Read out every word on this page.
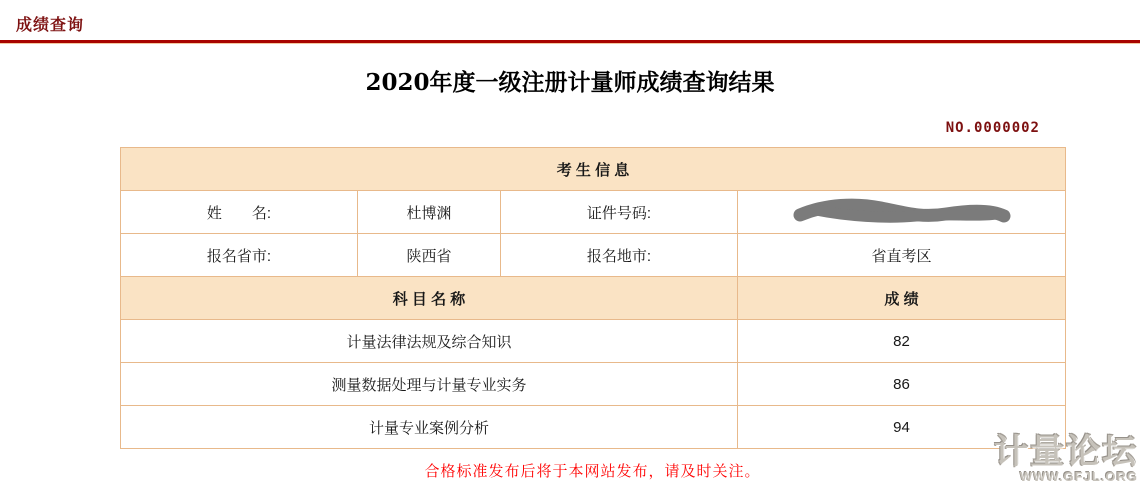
成绩查询
2020年度一级注册计量师成绩查询结果
NO.0000002
考 生 信 息			
姓　　名:	杜博渊	证件号码:	
报名省市:	陕西省	报名地市:	省直考区
科 目 名 称			成 绩
计量法律法规及综合知识			82
测量数据处理与计量专业实务			86
计量专业案例分析			94
合格标准发布后将于本网站发布，请及时关注。
计量论坛
WWW.GFJL.ORG
